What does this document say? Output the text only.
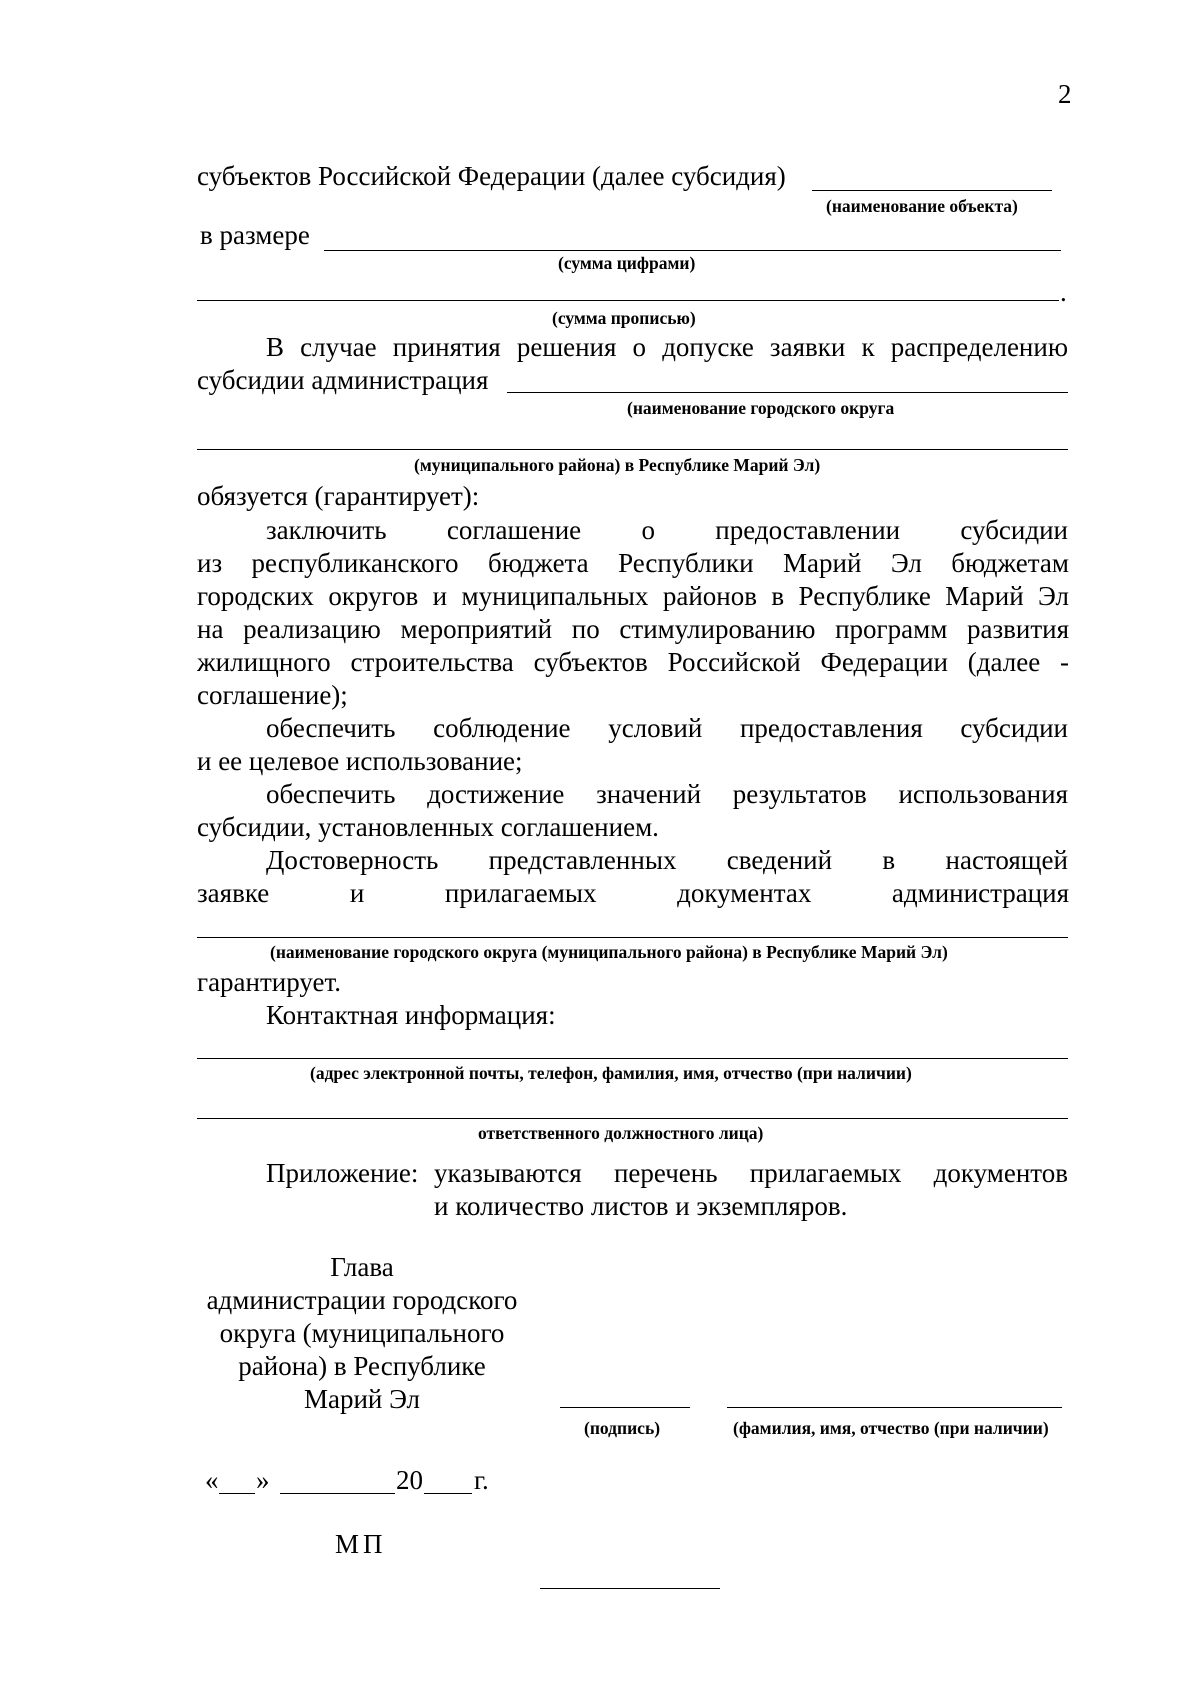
2
субъектов Российской Федерации (далее субсидия)
(наименование объекта)
в размере
(сумма цифрами)
.
(сумма прописью)
В случае принятия решения о допуске заявки к распределению
субсидии администрация
(наименование городского округа
(муниципального района) в Республике Марий Эл)
обязуется (гарантирует):
заключить соглашение о предоставлении субсидии
из республиканского бюджета Республики Марий Эл бюджетам
городских округов и муниципальных районов в Республике Марий Эл
на реализацию мероприятий по стимулированию программ развития
жилищного строительства субъектов Российской Федерации (далее -
соглашение);
обеспечить соблюдение условий предоставления субсидии
и ее целевое использование;
обеспечить достижение значений результатов использования
субсидии, установленных соглашением.
Достоверность представленных сведений в настоящей
заявке и прилагаемых документах администрация
(наименование городского округа (муниципального района) в Республике Марий Эл)
гарантирует.
Контактная информация:
(адрес электронной почты, телефон, фамилия, имя, отчество (при наличии)
ответственного должностного лица)
Приложение: указываются перечень прилагаемых документов
и количество листов и экземпляров.
Глава
администрации городского
округа (муниципального
района) в Республике
Марий Эл
(подпись)	(фамилия, имя, отчество (при наличии)
« »	20 г.
МП
